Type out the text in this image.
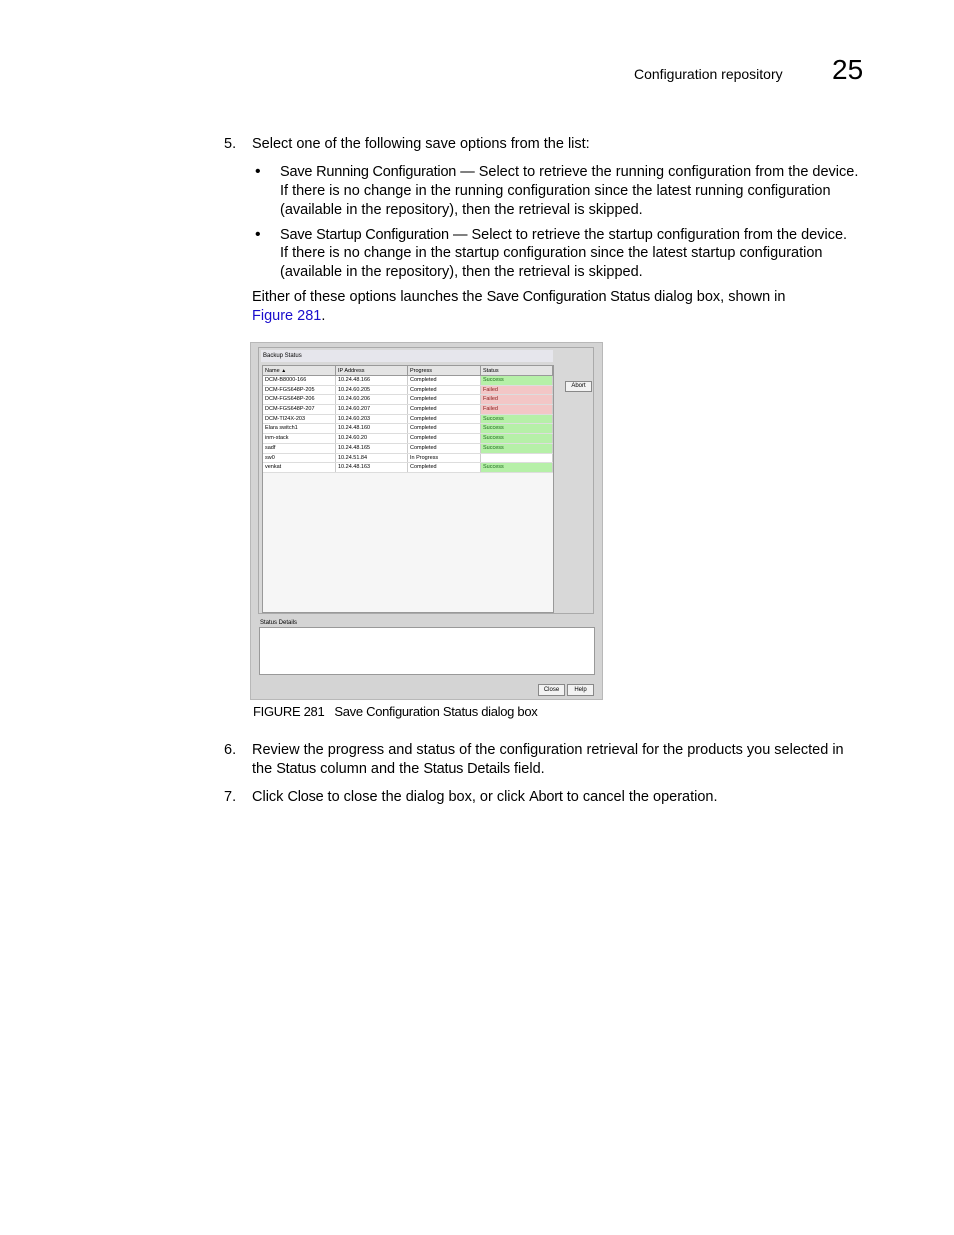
Configuration repository 25
5. Select one of the following save options from the list:
• Save Running Configuration — Select to retrieve the running configuration from the device.
If there is no change in the running configuration since the latest running configuration
(available in the repository), then the retrieval is skipped.
• Save Startup Configuration — Select to retrieve the startup configuration from the device.
If there is no change in the startup configuration since the latest startup configuration
(available in the repository), then the retrieval is skipped.
Either of these options launches the Save Configuration Status dialog box, shown in
Figure 281.
Backup Status
Name ▲	IP Address	Progress	Status
DCM-B8000-166	10.24.48.166	Completed	Success
DCM-FGS648P-205	10.24.60.205	Completed	Failed
DCM-FGS648P-206	10.24.60.206	Completed	Failed
DCM-FGS648P-207	10.24.60.207	Completed	Failed
DCM-TI24X-203	10.24.60.203	Completed	Success
Elara switch1	10.24.48.160	Completed	Success
inm-stack	10.24.60.20	Completed	Success
sadf	10.24.48.165	Completed	Success
sw0	10.24.51.84	In Progress
venkat	10.24.48.163	Completed	Success
Abort
Status Details
Close	Help
FIGURE 281 Save Configuration Status dialog box
6. Review the progress and status of the configuration retrieval for the products you selected in
the Status column and the Status Details field.
7. Click Close to close the dialog box, or click Abort to cancel the operation.
